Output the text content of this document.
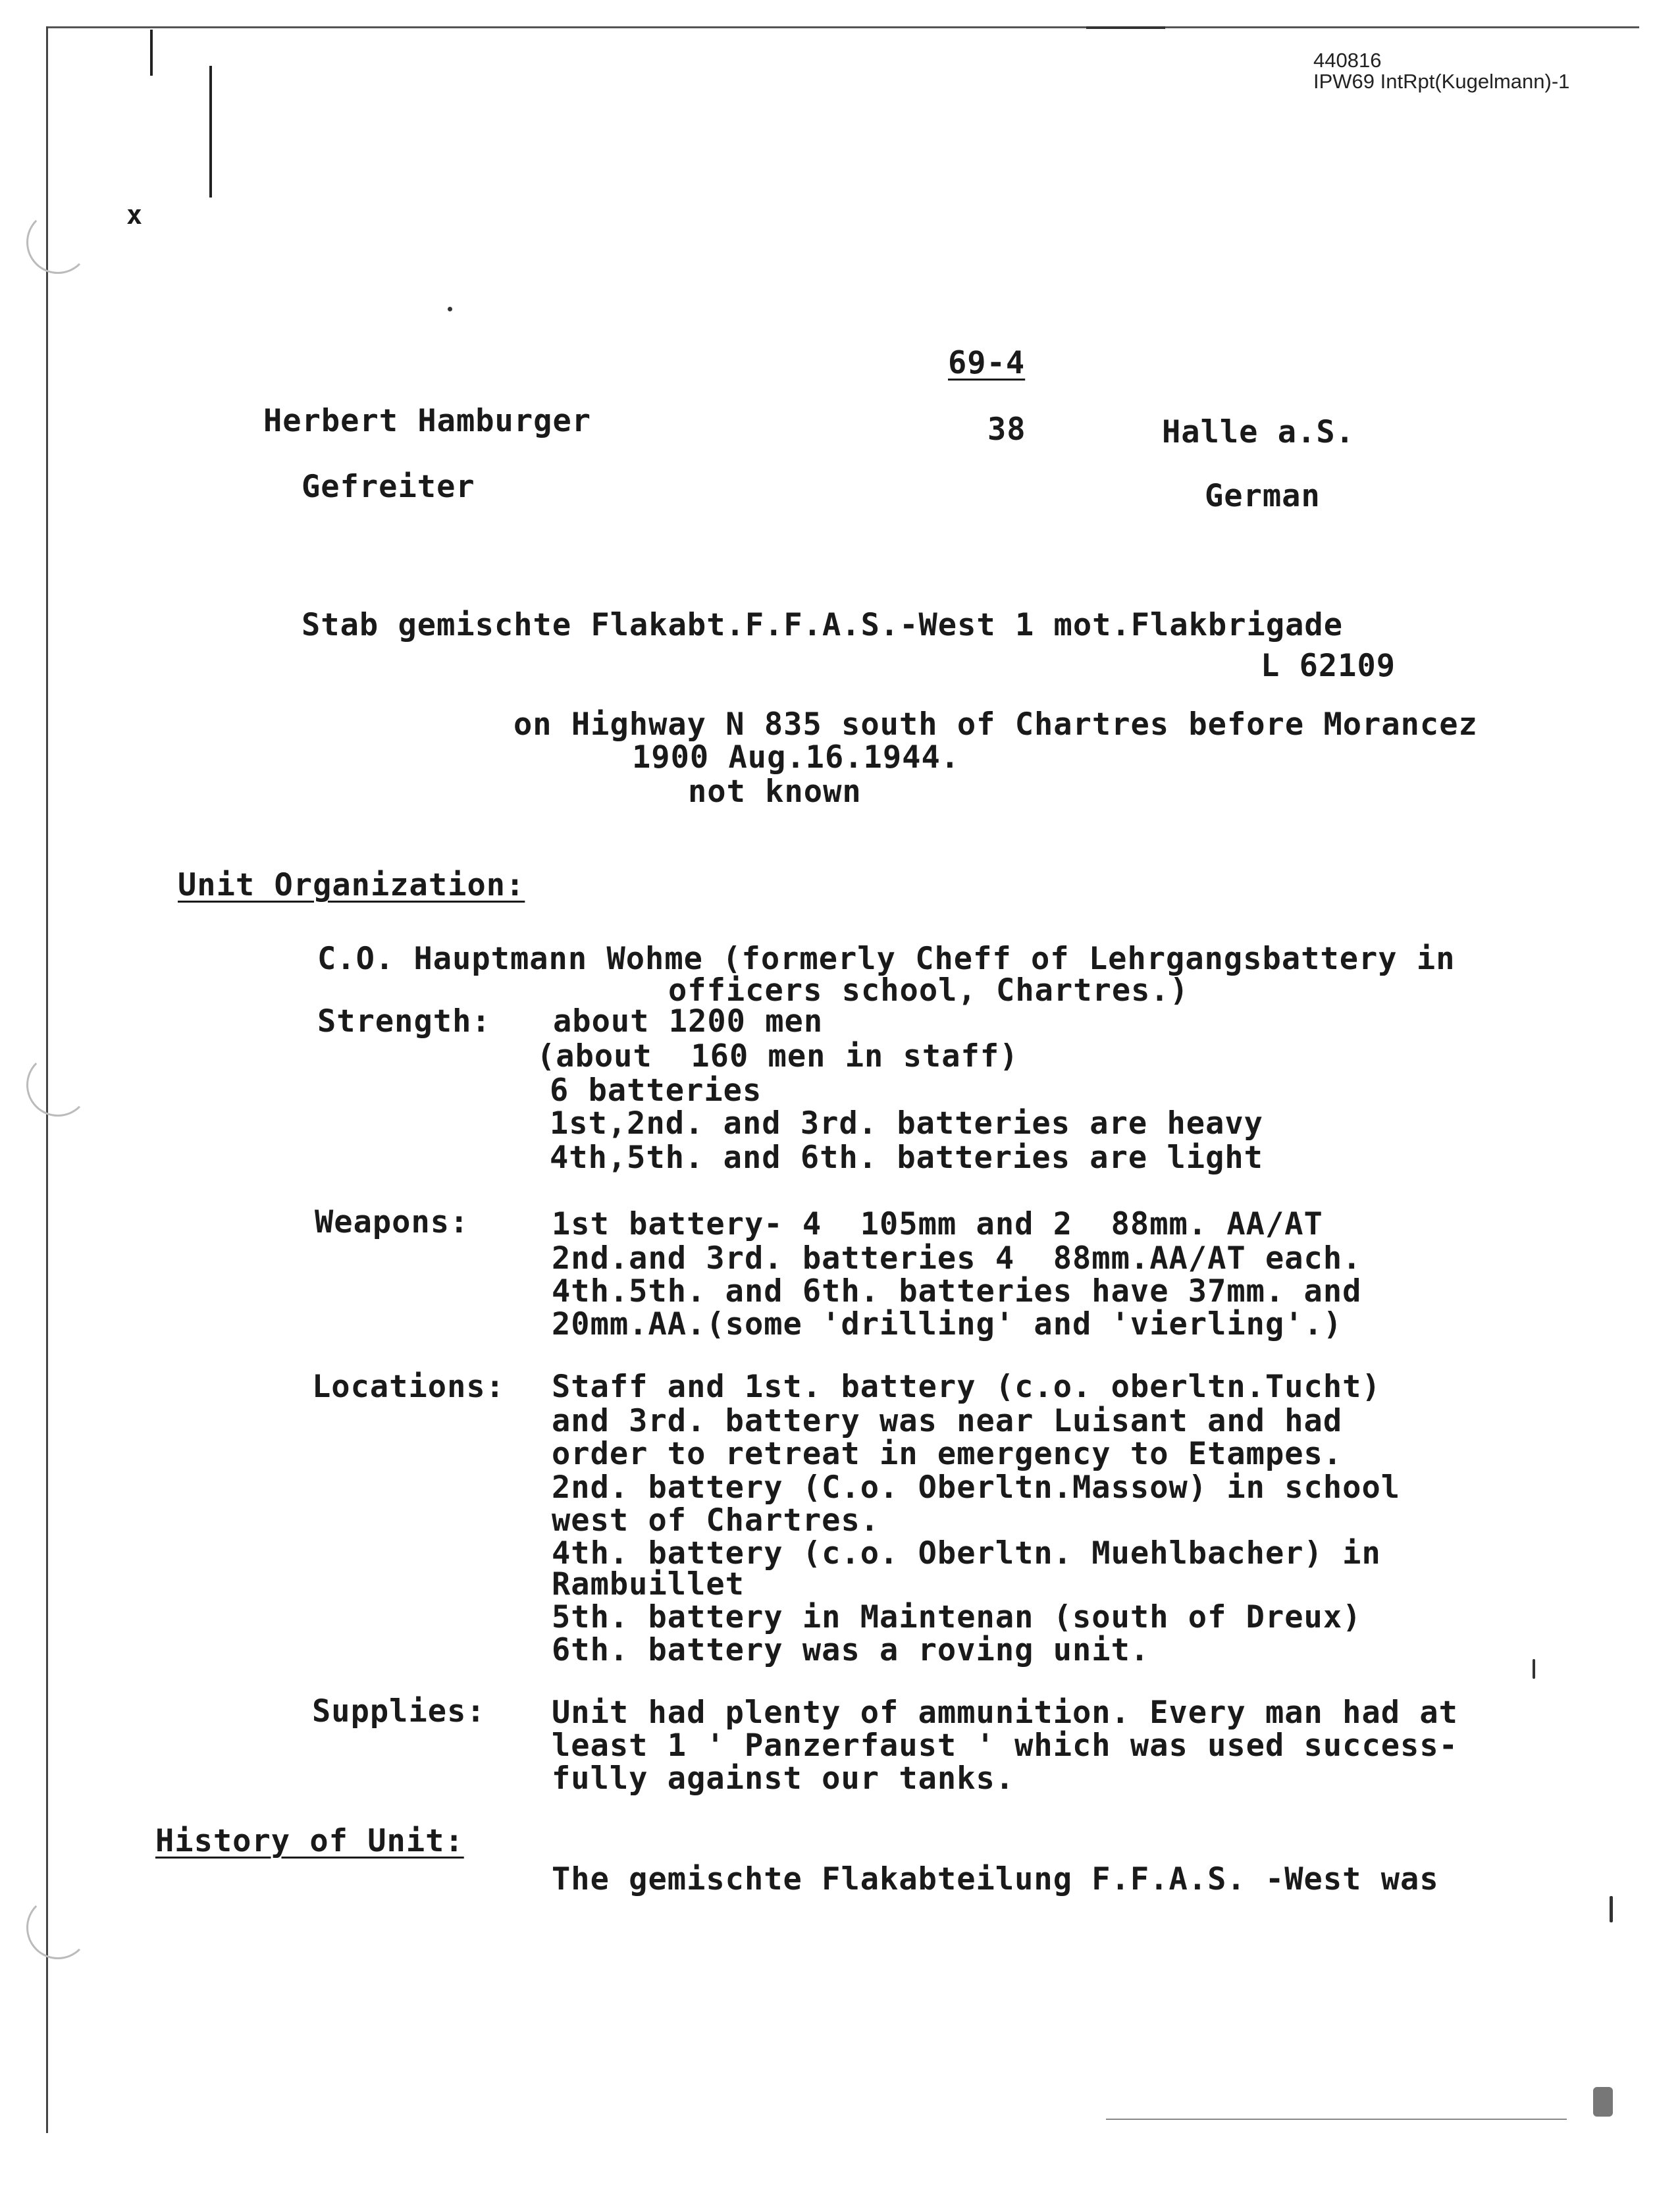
440816
IPW69 IntRpt(Kugelmann)-1
x
69-4
Herbert Hamburger	38	Halle a.S.
Gefreiter	German
Stab gemischte Flakabt.F.F.A.S.-West 1 mot.Flakbrigade
L 62109
on Highway N 835 south of Chartres before Morancez
1900 Aug.16.1944.
not known
Unit Organization:
C.O. Hauptmann Wohme (formerly Cheff of Lehrgangsbattery in
officers school, Chartres.)
Strength: about 1200 men
(about  160 men in staff)
6 batteries
1st,2nd. and 3rd. batteries are heavy
4th,5th. and 6th. batteries are light
Weapons:	1st battery- 4  105mm and 2  88mm. AA/AT
2nd.and 3rd. batteries 4  88mm.AA/AT each.
4th.5th. and 6th. batteries have 37mm. and
20mm.AA.(some 'drilling' and 'vierling'.)
Locations: Staff and 1st. battery (c.o. oberltn.Tucht)
and 3rd. battery was near Luisant and had
order to retreat in emergency to Etampes.
2nd. battery (C.o. Oberltn.Massow) in school
west of Chartres.
4th. battery (c.o. Oberltn. Muehlbacher) in
Rambuillet
5th. battery in Maintenan (south of Dreux)
6th. battery was a roving unit.
Supplies: Unit had plenty of ammunition. Every man had at
least 1 ' Panzerfaust ' which was used success-
fully against our tanks.
History of Unit:
The gemischte Flakabteilung F.F.A.S. -West was
